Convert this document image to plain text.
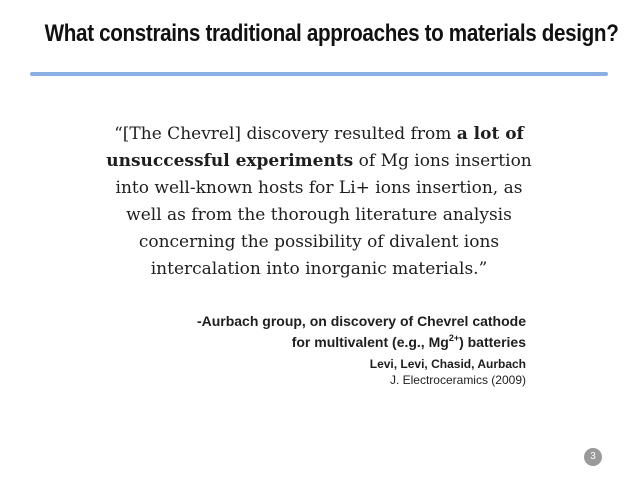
What constrains traditional approaches to materials design?
“[The Chevrel] discovery resulted from a lot of
unsuccessful experiments of Mg ions insertion
into well-known hosts for Li+ ions insertion, as
well as from the thorough literature analysis
concerning the possibility of divalent ions
intercalation into inorganic materials.”
-Aurbach group, on discovery of Chevrel cathode
for multivalent (e.g., $Mg^{2+}$) batteries
Levi, Levi, Chasid, Aurbach
J. Electroceramics (2009)
3
